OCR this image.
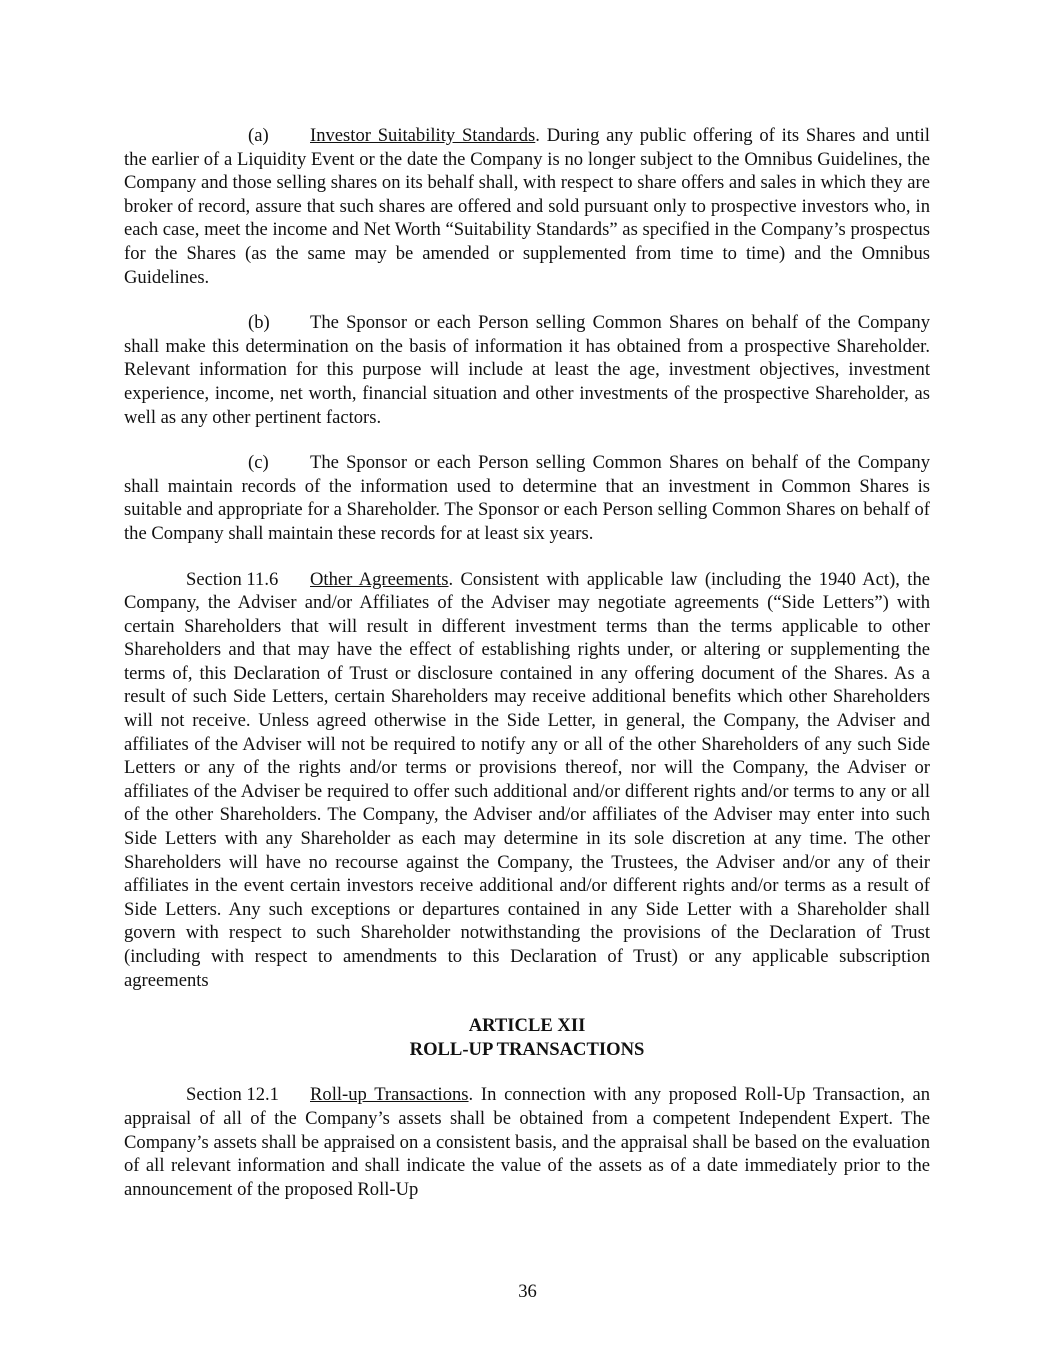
(a) Investor Suitability Standards. During any public offering of its Shares and until the earlier of a Liquidity Event or the date the Company is no longer subject to the Omnibus Guidelines, the Company and those selling shares on its behalf shall, with respect to share offers and sales in which they are broker of record, assure that such shares are offered and sold pursuant only to prospective investors who, in each case, meet the income and Net Worth “Suitability Standards” as specified in the Company’s prospectus for the Shares (as the same may be amended or supplemented from time to time) and the Omnibus Guidelines.

(b) The Sponsor or each Person selling Common Shares on behalf of the Company shall make this determination on the basis of information it has obtained from a prospective Shareholder. Relevant information for this purpose will include at least the age, investment objectives, investment experience, income, net worth, financial situation and other investments of the prospective Shareholder, as well as any other pertinent factors.

(c) The Sponsor or each Person selling Common Shares on behalf of the Company shall maintain records of the information used to determine that an investment in Common Shares is suitable and appropriate for a Shareholder. The Sponsor or each Person selling Common Shares on behalf of the Company shall maintain these records for at least six years.

Section 11.6 Other Agreements. Consistent with applicable law (including the 1940 Act), the Company, the Adviser and/or Affiliates of the Adviser may negotiate agreements (“Side Letters”) with certain Shareholders that will result in different investment terms than the terms applicable to other Shareholders and that may have the effect of establishing rights under, or altering or supplementing the terms of, this Declaration of Trust or disclosure contained in any offering document of the Shares. As a result of such Side Letters, certain Shareholders may receive additional benefits which other Shareholders will not receive. Unless agreed otherwise in the Side Letter, in general, the Company, the Adviser and affiliates of the Adviser will not be required to notify any or all of the other Shareholders of any such Side Letters or any of the rights and/or terms or provisions thereof, nor will the Company, the Adviser or affiliates of the Adviser be required to offer such additional and/or different rights and/or terms to any or all of the other Shareholders. The Company, the Adviser and/or affiliates of the Adviser may enter into such Side Letters with any Shareholder as each may determine in its sole discretion at any time. The other Shareholders will have no recourse against the Company, the Trustees, the Adviser and/or any of their affiliates in the event certain investors receive additional and/or different rights and/or terms as a result of Side Letters. Any such exceptions or departures contained in any Side Letter with a Shareholder shall govern with respect to such Shareholder notwithstanding the provisions of the Declaration of Trust (including with respect to amendments to this Declaration of Trust) or any applicable subscription agreements

ARTICLE XII
ROLL-UP TRANSACTIONS

Section 12.1 Roll-up Transactions. In connection with any proposed Roll-Up Transaction, an appraisal of all of the Company’s assets shall be obtained from a competent Independent Expert. The Company’s assets shall be appraised on a consistent basis, and the appraisal shall be based on the evaluation of all relevant information and shall indicate the value of the assets as of a date immediately prior to the announcement of the proposed Roll-Up

36
